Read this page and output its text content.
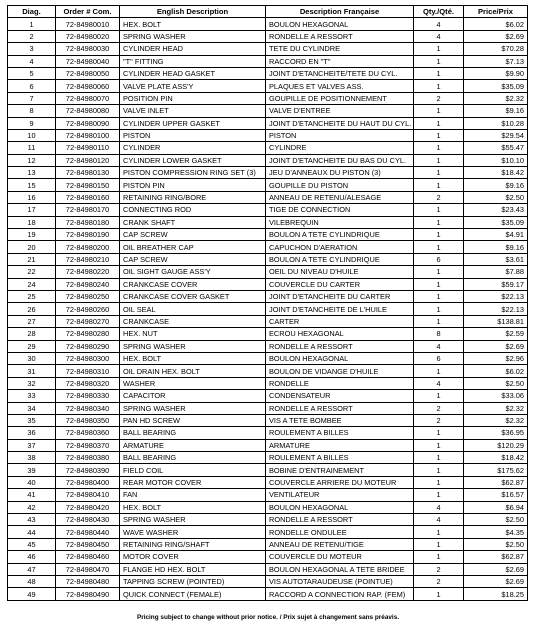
Diag.	Order # Com.	English Description	Description Française	Qty./Qté.	Price/Prix
1	72-84980010	HEX. BOLT	BOULON HEXAGONAL	4	$6.02
2	72-84980020	SPRING WASHER	RONDELLE A RESSORT	4	$2.69
3	72-84980030	CYLINDER HEAD	TETE DU CYLINDRE	1	$70.28
4	72-84980040	"T" FITTING	RACCORD EN "T"	1	$7.13
5	72-84980050	CYLINDER HEAD GASKET	JOINT D'ETANCHEITE/TETE DU CYL.	1	$9.90
6	72-84980060	VALVE PLATE ASS'Y	PLAQUES ET VALVES ASS.	1	$35.09
7	72-84980070	POSITION PIN	GOUPILLE DE POSITIONNEMENT	2	$2.32
8	72-84980080	VALVE INLET	VALVE D'ENTREE	1	$9.16
9	72-84980090	CYLINDER UPPER GASKET	JOINT D'ETANCHEITE DU HAUT DU CYL.	1	$10.28
10	72-84980100	PISTON	PISTON	1	$29.54
11	72-84980110	CYLINDER	CYLINDRE	1	$55.47
12	72-84980120	CYLINDER LOWER GASKET	JOINT D'ETANCHEITE DU BAS DU CYL.	1	$10.10
13	72-84980130	PISTON COMPRESSION RING SET (3)	JEU D'ANNEAUX DU PISTON (3)	1	$18.42
15	72-84980150	PISTON PIN	GOUPILLE DU PISTON	1	$9.16
16	72-84980160	RETAINING RING/BORE	ANNEAU DE RETENU/ALESAGE	2	$2.50
17	72-84980170	CONNECTING ROD	TIGE DE CONNECTION	1	$23.43
18	72-84980180	CRANK SHAFT	VILEBREQUIN	1	$35.09
19	72-84980190	CAP SCREW	BOULON A TETE CYLINDRIQUE	1	$4.91
20	72-84980200	OIL BREATHER CAP	CAPUCHON D'AERATION	1	$9.16
21	72-84980210	CAP SCREW	BOULON A TETE CYLINDRIQUE	6	$3.61
22	72-84980220	OIL SIGHT GAUGE ASS'Y	OEIL DU NIVEAU D'HUILE	1	$7.88
24	72-84980240	CRANKCASE COVER	COUVERCLE DU CARTER	1	$59.17
25	72-84980250	CRANKCASE COVER GASKET	JOINT D'ETANCHEITE DU CARTER	1	$22.13
26	72-84980260	OIL SEAL	JOINT D'ETANCHEITE DE L'HUILE	1	$22.13
27	72-84980270	CRANKCASE	CARTER	1	$138.81
28	72-84980280	HEX. NUT	ECROU HEXAGONAL	8	$2.59
29	72-84980290	SPRING WASHER	RONDELLE A RESSORT	4	$2.69
30	72-84980300	HEX. BOLT	BOULON HEXAGONAL	6	$2.96
31	72-84980310	OIL DRAIN HEX. BOLT	BOULON DE VIDANGE D'HUILE	1	$6.02
32	72-84980320	WASHER	RONDELLE	4	$2.50
33	72-84980330	CAPACITOR	CONDENSATEUR	1	$33.06
34	72-84980340	SPRING WASHER	RONDELLE A RESSORT	2	$2.32
35	72-84980350	PAN HD SCREW	VIS A TETE BOMBEE	2	$2.32
36	72-84980360	BALL BEARING	ROULEMENT A BILLES	1	$36.95
37	72-84980370	ARMATURE	ARMATURE	1	$120.29
38	72-84980380	BALL BEARING	ROULEMENT A BILLES	1	$18.42
39	72-84980390	FIELD COIL	BOBINE D'ENTRAINEMENT	1	$175.62
40	72-84980400	REAR MOTOR COVER	COUVERCLE ARRIERE DU MOTEUR	1	$62.87
41	72-84980410	FAN	VENTILATEUR	1	$16.57
42	72-84980420	HEX. BOLT	BOULON HEXAGONAL	4	$6.94
43	72-84980430	SPRING WASHER	RONDELLE A RESSORT	4	$2.50
44	72-84980440	WAVE WASHER	RONDELLE ONDULEE	1	$4.35
45	72-84980450	RETAINING RING/SHAFT	ANNEAU DE RETENU/TIGE	1	$2.50
46	72-84980460	MOTOR COVER	COUVERCLE DU MOTEUR	1	$62.87
47	72-84980470	FLANGE HD HEX. BOLT	BOULON HEXAGONAL A TETE BRIDEE	2	$2.69
48	72-84980480	TAPPING SCREW (POINTED)	VIS AUTOTARAUDEUSE (POINTUE)	2	$2.69
49	72-84980490	QUICK CONNECT (FEMALE)	RACCORD A CONNECTION RAP. (FEM)	1	$18.25
Pricing subject to change without prior notice. / Prix sujet à changement sans préavis.
